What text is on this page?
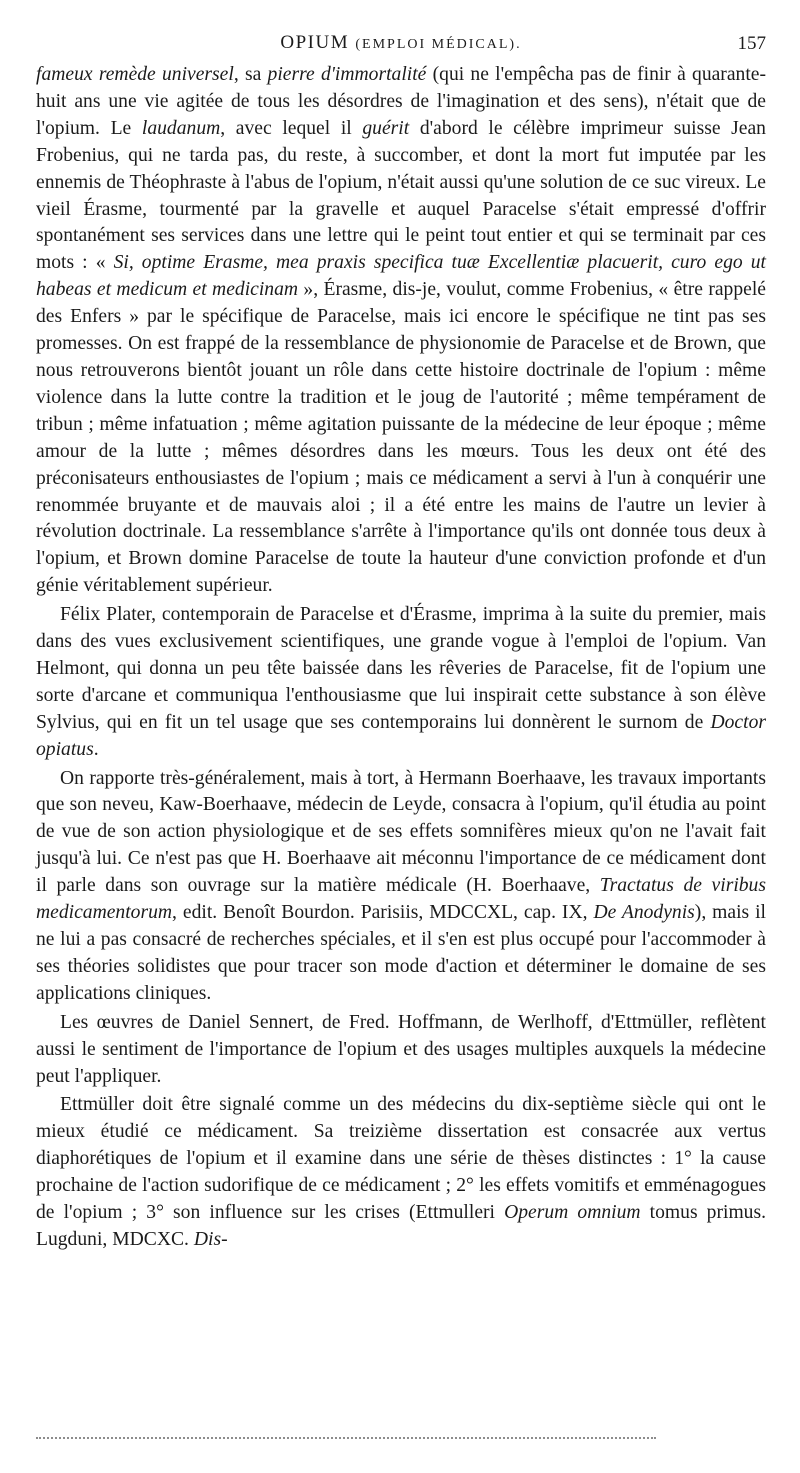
OPIUM (EMPLOI MÉDICAL).	157

fameux remède universel, sa pierre d'immortalité (qui ne l'empêcha pas de finir à quarante-huit ans une vie agitée de tous les désordres de l'imagination et des sens), n'était que de l'opium. Le laudanum, avec lequel il guérit d'abord le célèbre imprimeur suisse Jean Frobenius, qui ne tarda pas, du reste, à succomber, et dont la mort fut imputée par les ennemis de Théophraste à l'abus de l'opium, n'était aussi qu'une solution de ce suc vireux. Le vieil Érasme, tourmenté par la gravelle et auquel Paracelse s'était empressé d'offrir spontanément ses services dans une lettre qui le peint tout entier et qui se terminait par ces mots : « Si, optime Erasme, mea praxis specifica tuæ Excellentiæ placuerit, curo ego ut habeas et medicum et medicinam », Érasme, dis-je, voulut, comme Frobenius, « être rappelé des Enfers » par le spécifique de Paracelse, mais ici encore le spécifique ne tint pas ses promesses. On est frappé de la ressemblance de physionomie de Paracelse et de Brown, que nous retrouverons bientôt jouant un rôle dans cette histoire doctrinale de l'opium : même violence dans la lutte contre la tradition et le joug de l'autorité ; même tempérament de tribun ; même infatuation ; même agitation puissante de la médecine de leur époque ; même amour de la lutte ; mêmes désordres dans les mœurs. Tous les deux ont été des préconisateurs enthousiastes de l'opium ; mais ce médicament a servi à l'un à conquérir une renommée bruyante et de mauvais aloi ; il a été entre les mains de l'autre un levier à révolution doctrinale. La ressemblance s'arrête à l'importance qu'ils ont donnée tous deux à l'opium, et Brown domine Paracelse de toute la hauteur d'une conviction profonde et d'un génie véritablement supérieur.

Félix Plater, contemporain de Paracelse et d'Érasme, imprima à la suite du premier, mais dans des vues exclusivement scientifiques, une grande vogue à l'emploi de l'opium. Van Helmont, qui donna un peu tête baissée dans les rêveries de Paracelse, fit de l'opium une sorte d'arcane et communiqua l'enthousiasme que lui inspirait cette substance à son élève Sylvius, qui en fit un tel usage que ses contemporains lui donnèrent le surnom de Doctor opiatus.

On rapporte très-généralement, mais à tort, à Hermann Boerhaave, les travaux importants que son neveu, Kaw-Boerhaave, médecin de Leyde, consacra à l'opium, qu'il étudia au point de vue de son action physiologique et de ses effets somnifères mieux qu'on ne l'avait fait jusqu'à lui. Ce n'est pas que H. Boerhaave ait méconnu l'importance de ce médicament dont il parle dans son ouvrage sur la matière médicale (H. Boerhaave, Tractatus de viribus medicamentorum, edit. Benoît Bourdon. Parisiis, MDCCXL, cap. IX, De Anodynis), mais il ne lui a pas consacré de recherches spéciales, et il s'en est plus occupé pour l'accommoder à ses théories solidistes que pour tracer son mode d'action et déterminer le domaine de ses applications cliniques.

Les œuvres de Daniel Sennert, de Fred. Hoffmann, de Werlhoff, d'Ettmüller, reflètent aussi le sentiment de l'importance de l'opium et des usages multiples auxquels la médecine peut l'appliquer.

Ettmüller doit être signalé comme un des médecins du dix-septième siècle qui ont le mieux étudié ce médicament. Sa treizième dissertation est consacrée aux vertus diaphorétiques de l'opium et il examine dans une série de thèses distinctes : 1° la cause prochaine de l'action sudorifique de ce médicament ; 2° les effets vomitifs et emménagogues de l'opium ; 3° son influence sur les crises (Ettmulleri Operum omnium tomus primus. Lugduni, MDCXC. Dis-
